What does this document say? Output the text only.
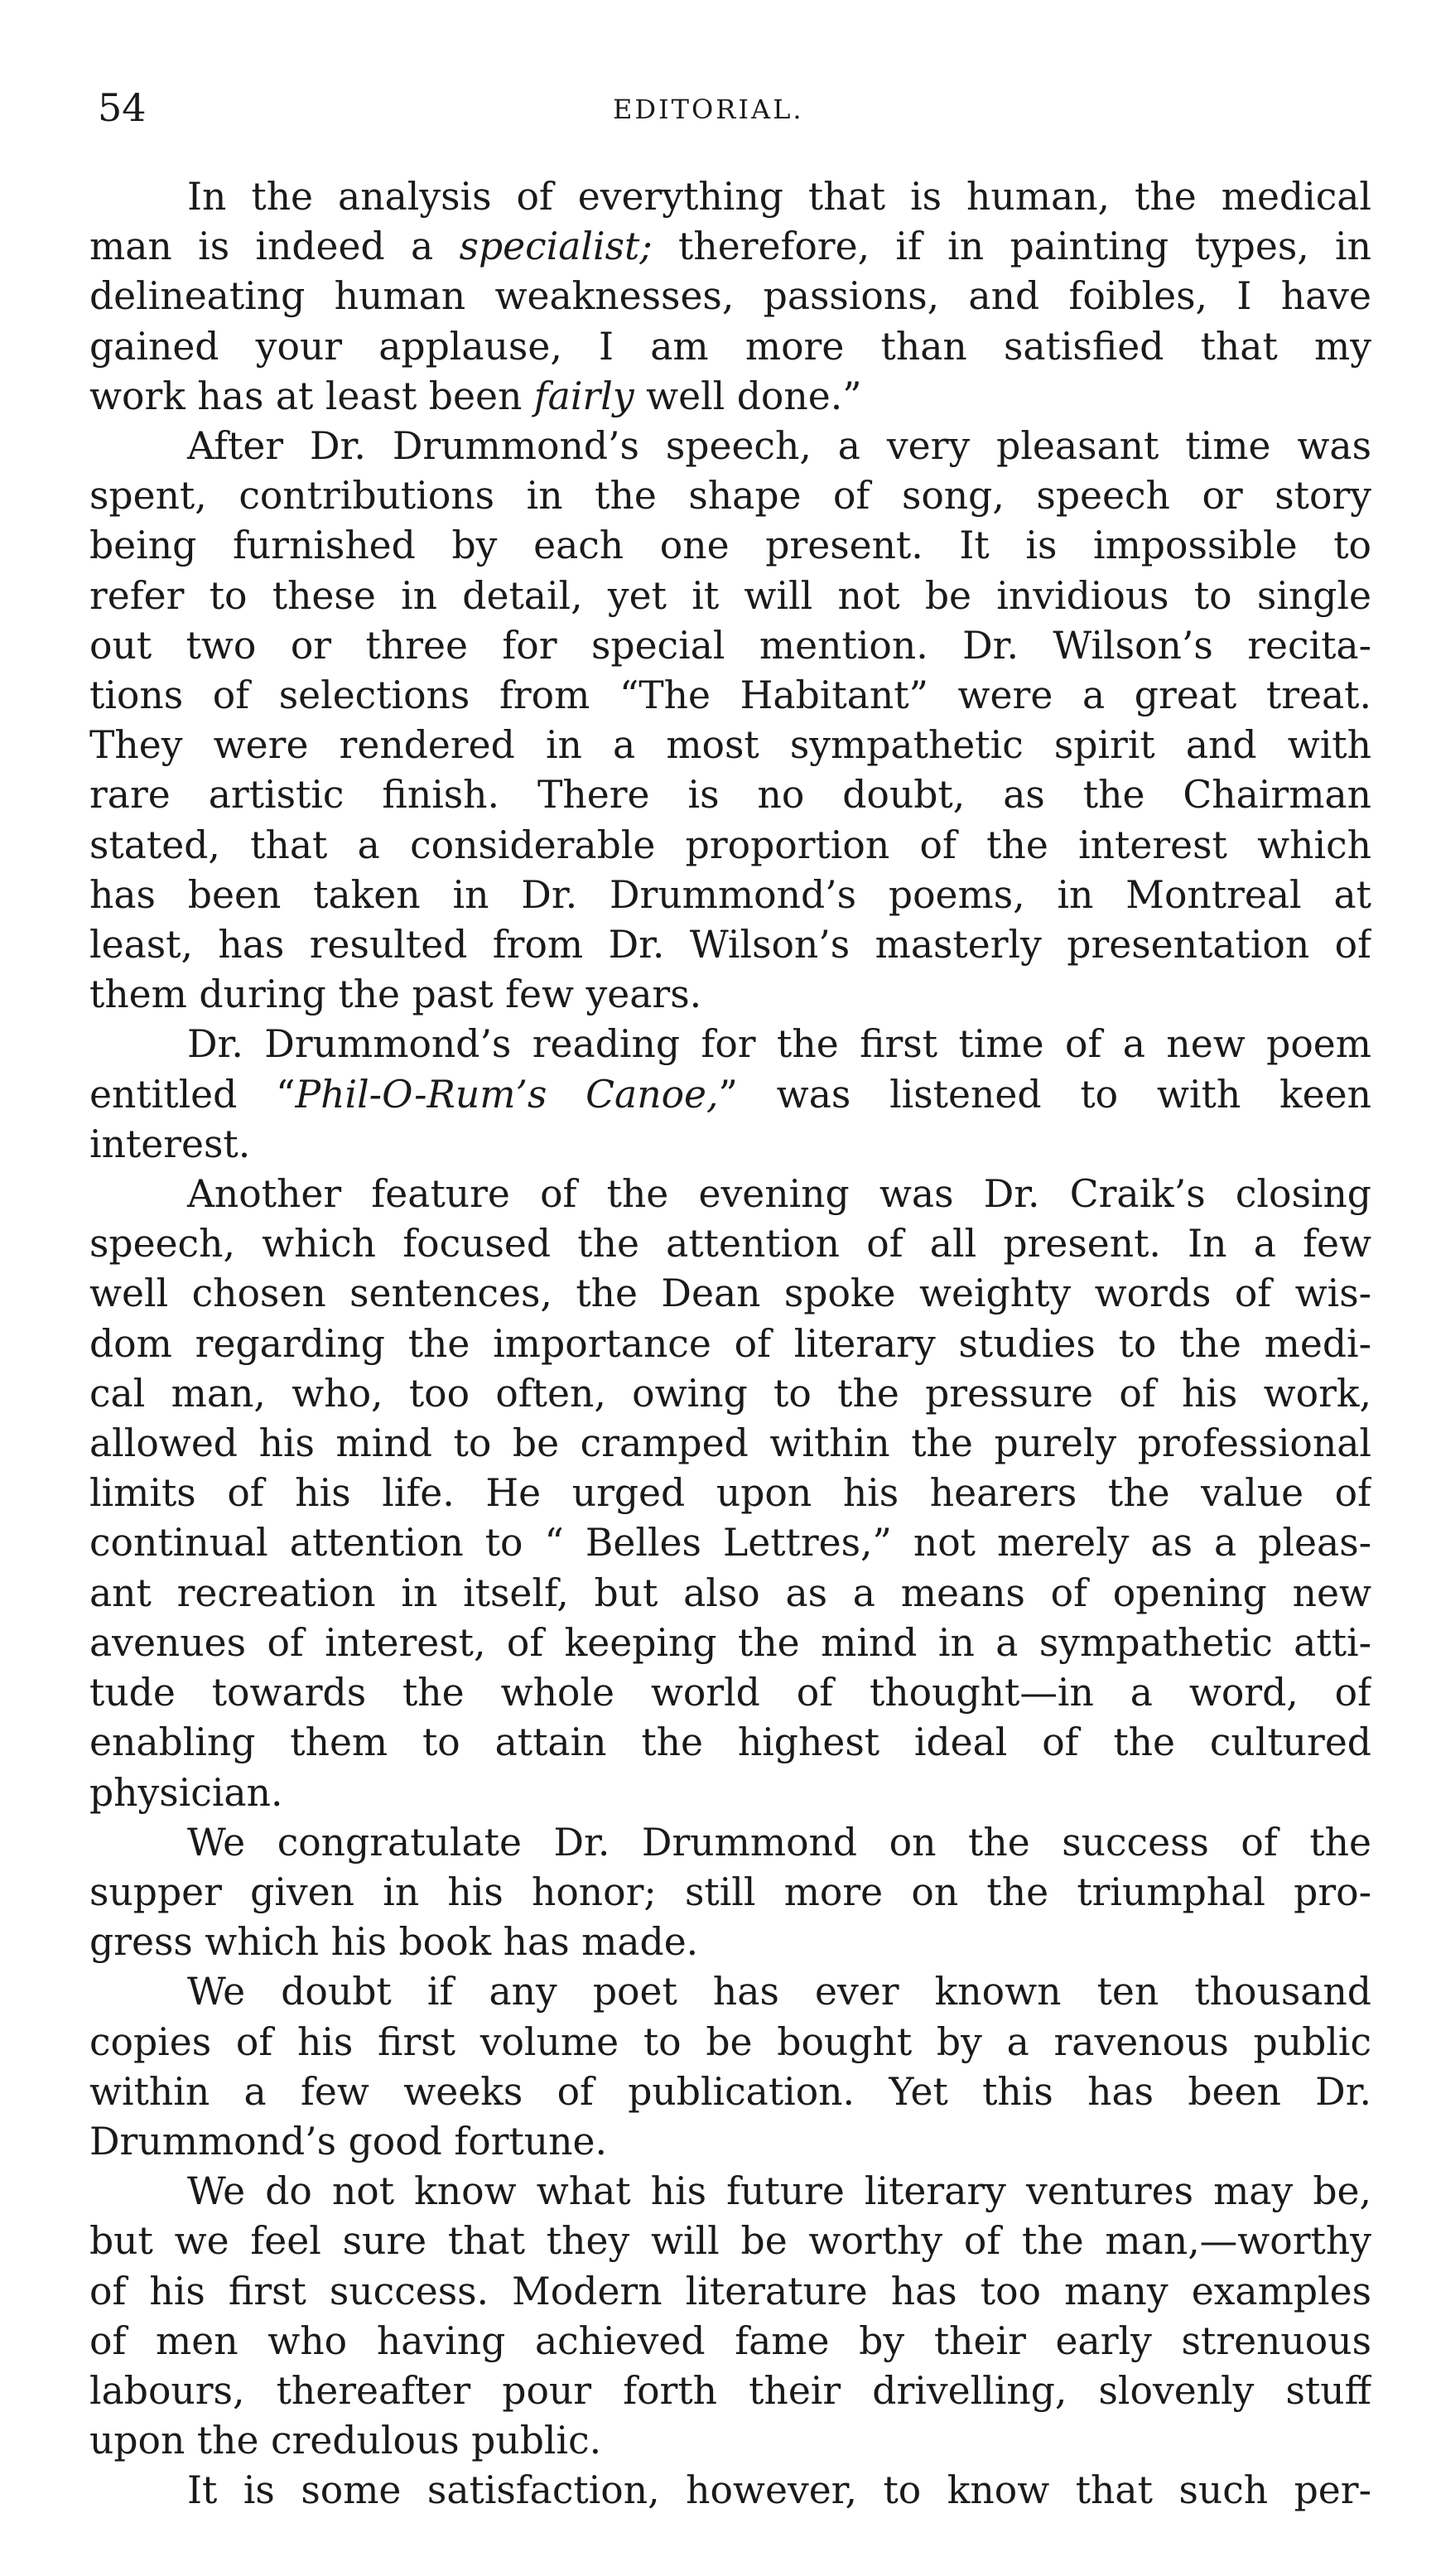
54	EDITORIAL.
In the analysis of everything that is human, the medical
man is indeed a specialist; therefore, if in painting types, in
delineating human weaknesses, passions, and foibles, I have
gained your applause, I am more than satisfied that my
work has at least been fairly well done.”
After Dr. Drummond’s speech, a very pleasant time was
spent, contributions in the shape of song, speech or story
being furnished by each one present. It is impossible to
refer to these in detail, yet it will not be invidious to single
out two or three for special mention. Dr. Wilson’s recita-
tions of selections from “The Habitant” were a great treat.
They were rendered in a most sympathetic spirit and with
rare artistic finish. There is no doubt, as the Chairman
stated, that a considerable proportion of the interest which
has been taken in Dr. Drummond’s poems, in Montreal at
least, has resulted from Dr. Wilson’s masterly presentation of
them during the past few years.
Dr. Drummond’s reading for the first time of a new poem
entitled “Phil-O-Rum’s Canoe,” was listened to with keen
interest.
Another feature of the evening was Dr. Craik’s closing
speech, which focused the attention of all present. In a few
well chosen sentences, the Dean spoke weighty words of wis-
dom regarding the importance of literary studies to the medi-
cal man, who, too often, owing to the pressure of his work,
allowed his mind to be cramped within the purely professional
limits of his life. He urged upon his hearers the value of
continual attention to “ Belles Lettres,” not merely as a pleas-
ant recreation in itself, but also as a means of opening new
avenues of interest, of keeping the mind in a sympathetic atti-
tude towards the whole world of thought—in a word, of
enabling them to attain the highest ideal of the cultured
physician.
We congratulate Dr. Drummond on the success of the
supper given in his honor; still more on the triumphal pro-
gress which his book has made.
We doubt if any poet has ever known ten thousand
copies of his first volume to be bought by a ravenous public
within a few weeks of publication. Yet this has been Dr.
Drummond’s good fortune.
We do not know what his future literary ventures may be,
but we feel sure that they will be worthy of the man,—worthy
of his first success. Modern literature has too many examples
of men who having achieved fame by their early strenuous
labours, thereafter pour forth their drivelling, slovenly stuff
upon the credulous public.
It is some satisfaction, however, to know that such per-
